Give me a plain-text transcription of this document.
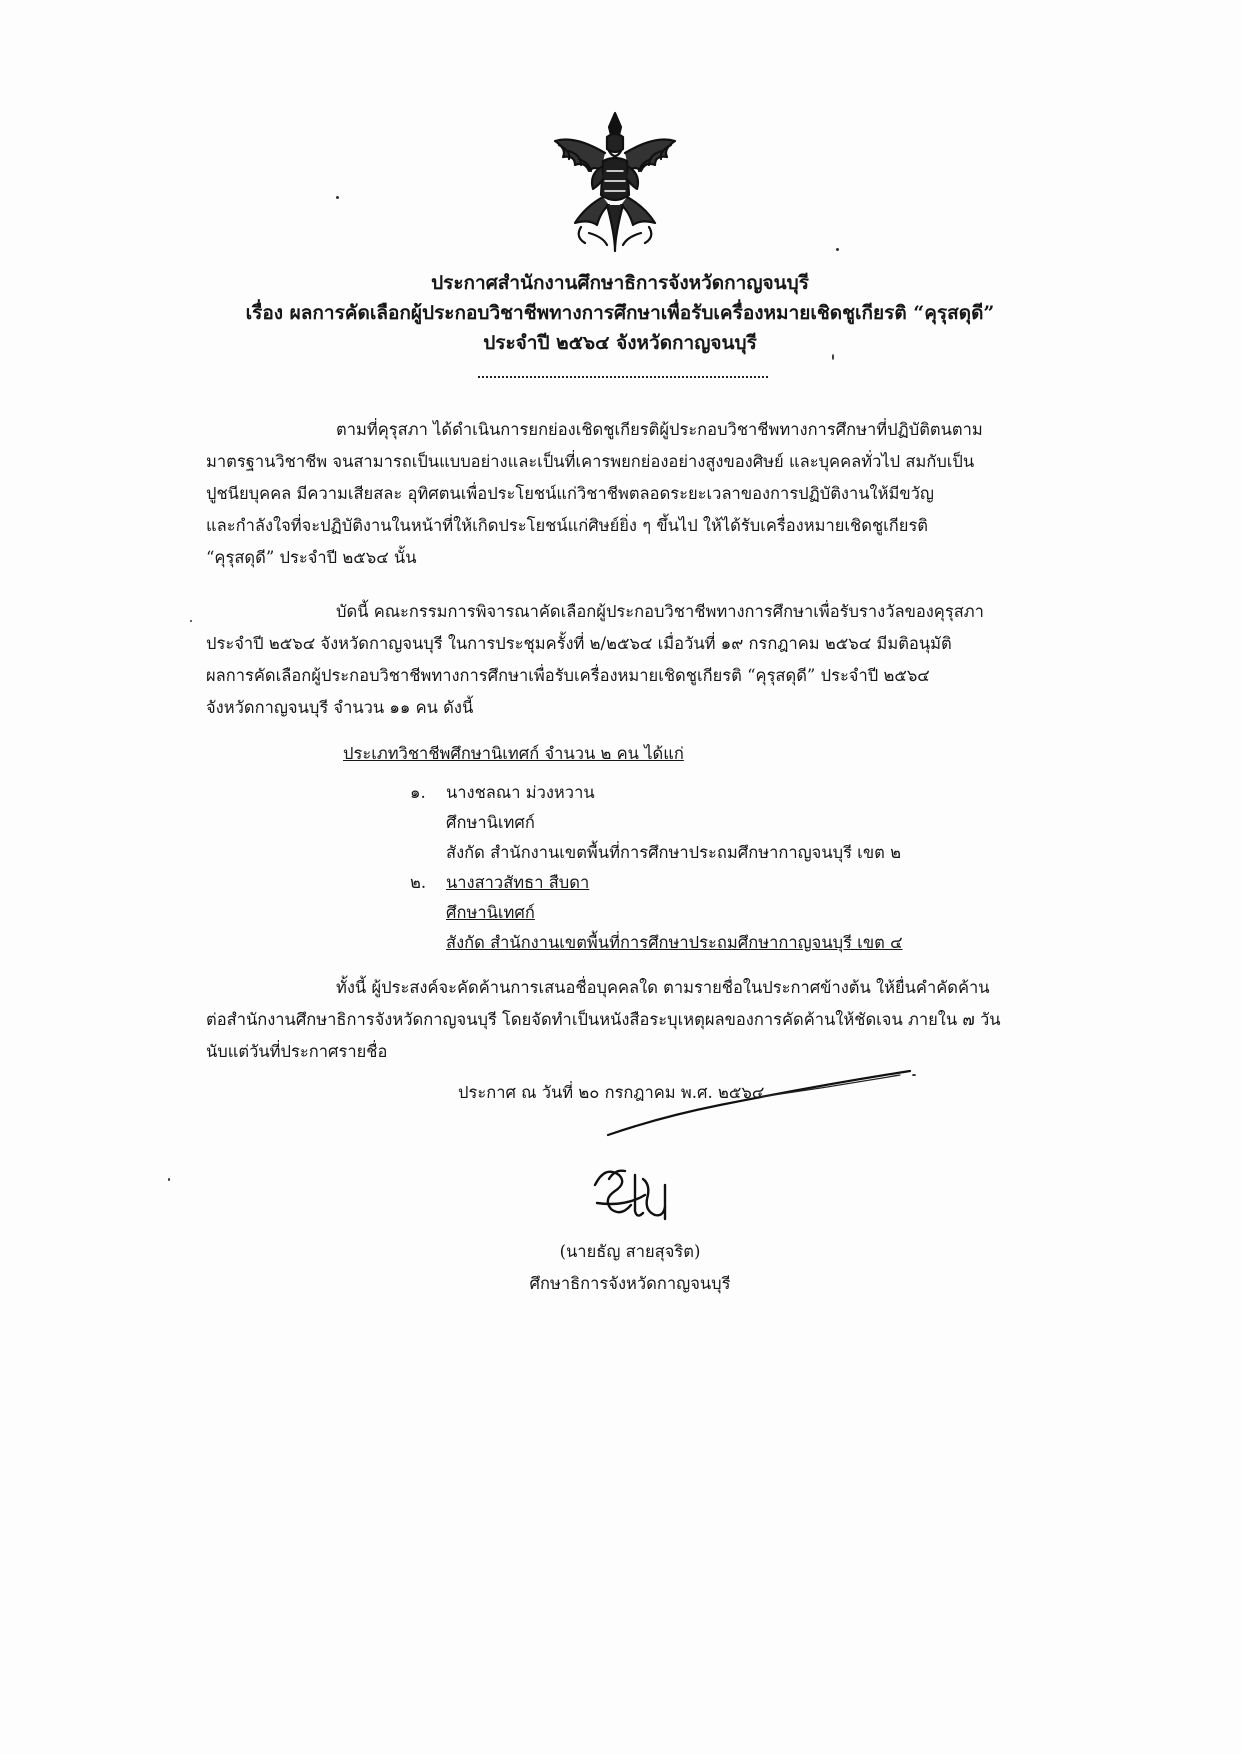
ประกาศสำนักงานศึกษาธิการจังหวัดกาญจนบุรี
เรื่อง ผลการคัดเลือกผู้ประกอบวิชาชีพทางการศึกษาเพื่อรับเครื่องหมายเชิดชูเกียรติ “คุรุสดุดี”
ประจำปี ๒๕๖๔ จังหวัดกาญจนบุรี
ตามที่คุรุสภา ได้ดำเนินการยกย่องเชิดชูเกียรติผู้ประกอบวิชาชีพทางการศึกษาที่ปฏิบัติตนตาม
มาตรฐานวิชาชีพ จนสามารถเป็นแบบอย่างและเป็นที่เคารพยกย่องอย่างสูงของศิษย์ และบุคคลทั่วไป สมกับเป็น
ปูชนียบุคคล มีความเสียสละ อุทิศตนเพื่อประโยชน์แก่วิชาชีพตลอดระยะเวลาของการปฏิบัติงานให้มีขวัญ
และกำลังใจที่จะปฏิบัติงานในหน้าที่ให้เกิดประโยชน์แก่ศิษย์ยิ่ง ๆ ขึ้นไป ให้ได้รับเครื่องหมายเชิดชูเกียรติ
“คุรุสดุดี” ประจำปี ๒๕๖๔ นั้น
บัดนี้ คณะกรรมการพิจารณาคัดเลือกผู้ประกอบวิชาชีพทางการศึกษาเพื่อรับรางวัลของคุรุสภา
ประจำปี ๒๕๖๔ จังหวัดกาญจนบุรี ในการประชุมครั้งที่ ๒/๒๕๖๔ เมื่อวันที่ ๑๙ กรกฎาคม ๒๕๖๔ มีมติอนุมัติ
ผลการคัดเลือกผู้ประกอบวิชาชีพทางการศึกษาเพื่อรับเครื่องหมายเชิดชูเกียรติ “คุรุสดุดี” ประจำปี ๒๕๖๔
จังหวัดกาญจนบุรี จำนวน ๑๑ คน ดังนี้
ประเภทวิชาชีพศึกษานิเทศก์ จำนวน ๒ คน ได้แก่
๑.	นางชลณา ม่วงหวาน
ศึกษานิเทศก์
สังกัด สำนักงานเขตพื้นที่การศึกษาประถมศึกษากาญจนบุรี เขต ๒
๒.	นางสาวสัทธา สืบดา
ศึกษานิเทศก์
สังกัด สำนักงานเขตพื้นที่การศึกษาประถมศึกษากาญจนบุรี เขต ๔
ทั้งนี้ ผู้ประสงค์จะคัดค้านการเสนอชื่อบุคคลใด ตามรายชื่อในประกาศข้างต้น ให้ยื่นคำคัดค้าน
ต่อสำนักงานศึกษาธิการจังหวัดกาญจนบุรี โดยจัดทำเป็นหนังสือระบุเหตุผลของการคัดค้านให้ชัดเจน ภายใน ๗ วัน
นับแต่วันที่ประกาศรายชื่อ
ประกาศ ณ วันที่ ๒๐ กรกฎาคม พ.ศ. ๒๕๖๔
(นายธัญ สายสุจริต)
ศึกษาธิการจังหวัดกาญจนบุรี
